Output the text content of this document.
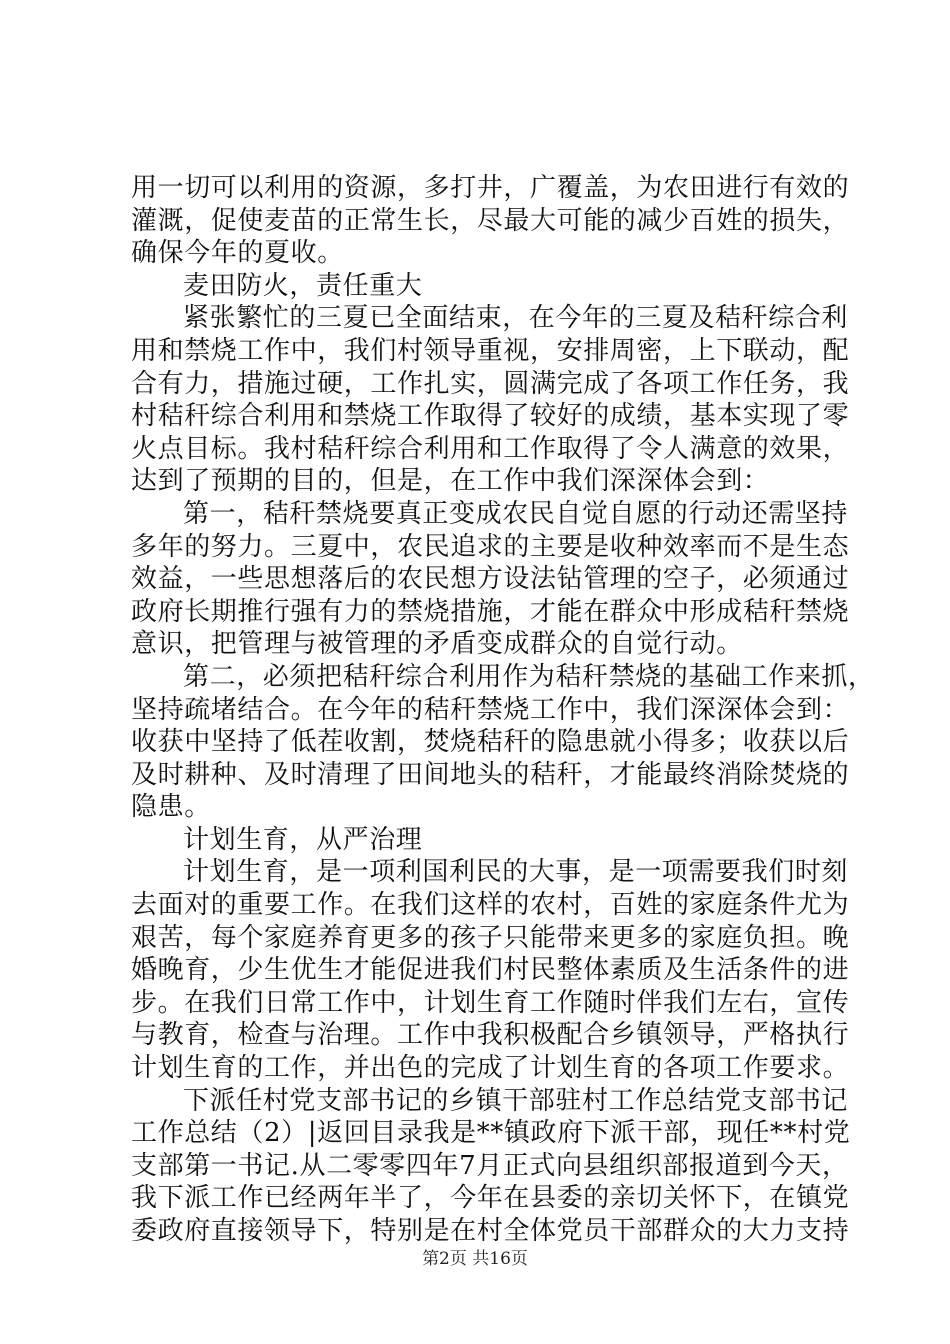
用一切可以利用的资源，多打井，广覆盖，为农田进行有效的
灌溉，促使麦苗的正常生长，尽最大可能的减少百姓的损失，
确保今年的夏收。
麦田防火，责任重大
紧张繁忙的三夏已全面结束，在今年的三夏及秸秆综合利
用和禁烧工作中，我们村领导重视，安排周密，上下联动，配
合有力，措施过硬，工作扎实，圆满完成了各项工作任务，我
村秸秆综合利用和禁烧工作取得了较好的成绩，基本实现了零
火点目标。我村秸秆综合利用和工作取得了令人满意的效果，
达到了预期的目的，但是，在工作中我们深深体会到：
第一，秸秆禁烧要真正变成农民自觉自愿的行动还需坚持
多年的努力。三夏中，农民追求的主要是收种效率而不是生态
效益，一些思想落后的农民想方设法钻管理的空子，必须通过
政府长期推行强有力的禁烧措施，才能在群众中形成秸秆禁烧
意识，把管理与被管理的矛盾变成群众的自觉行动。
第二，必须把秸秆综合利用作为秸秆禁烧的基础工作来抓，
坚持疏堵结合。在今年的秸秆禁烧工作中，我们深深体会到：
收获中坚持了低茬收割，焚烧秸秆的隐患就小得多；收获以后
及时耕种、及时清理了田间地头的秸秆，才能最终消除焚烧的
隐患。
计划生育，从严治理
计划生育，是一项利国利民的大事，是一项需要我们时刻
去面对的重要工作。在我们这样的农村，百姓的家庭条件尤为
艰苦，每个家庭养育更多的孩子只能带来更多的家庭负担。晚
婚晚育，少生优生才能促进我们村民整体素质及生活条件的进
步。在我们日常工作中，计划生育工作随时伴我们左右，宣传
与教育，检查与治理。工作中我积极配合乡镇领导，严格执行
计划生育的工作，并出色的完成了计划生育的各项工作要求。
下派任村党支部书记的乡镇干部驻村工作总结党支部书记
工作总结（2）|返回目录我是**镇政府下派干部，现任**村党
支部第一书记.从二零零四年7月正式向县组织部报道到今天，
我下派工作已经两年半了，今年在县委的亲切关怀下，在镇党
委政府直接领导下，特别是在村全体党员干部群众的大力支持
第2页 共16页
